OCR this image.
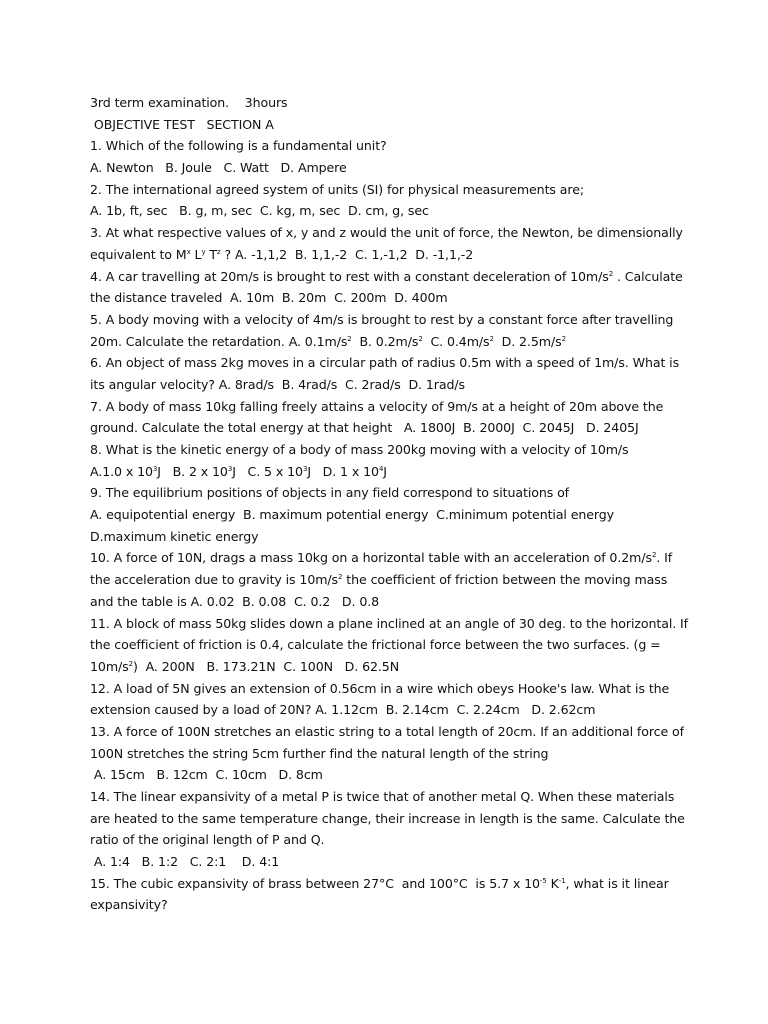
3rd term examination.    3hours
OBJECTIVE TEST   SECTION A
1. Which of the following is a fundamental unit?
A. Newton   B. Joule   C. Watt   D. Ampere
2. The international agreed system of units (SI) for physical measurements are;
A. 1b, ft, sec   B. g, m, sec  C. kg, m, sec  D. cm, g, sec
3. At what respective values of x, y and z would the unit of force, the Newton, be dimensionally
equivalent to $M^x$ $L^y$ $T^z$ ? A. -1,1,2  B. 1,1,-2  C. 1,-1,2  D. -1,1,-2
4. A car travelling at 20m/s is brought to rest with a constant deceleration of $10m/s^2$ . Calculate
the distance traveled  A. 10m  B. 20m  C. 200m  D. 400m
5. A body moving with a velocity of 4m/s is brought to rest by a constant force after travelling
20m. Calculate the retardation. A. $0.1m/s^2$  B. $0.2m/s^2$  C. $0.4m/s^2$  D. $2.5m/s^2$
6. An object of mass 2kg moves in a circular path of radius 0.5m with a speed of 1m/s. What is
its angular velocity? A. 8rad/s  B. 4rad/s  C. 2rad/s  D. 1rad/s
7. A body of mass 10kg falling freely attains a velocity of 9m/s at a height of 20m above the
ground. Calculate the total energy at that height   A. 1800J  B. 2000J  C. 2045J   D. 2405J
8. What is the kinetic energy of a body of mass 200kg moving with a velocity of 10m/s
A.1.0 x $10^3J$   B. 2 x $10^3J$   C. 5 x $10^3J$   D. 1 x $10^4J$
9. The equilibrium positions of objects in any field correspond to situations of
A. equipotential energy  B. maximum potential energy  C.minimum potential energy
D.maximum kinetic energy
10. A force of 10N, drags a mass 10kg on a horizontal table with an acceleration of $0.2m/s^2$. If
the acceleration due to gravity is $10m/s^2$ the coefficient of friction between the moving mass
and the table is A. 0.02  B. 0.08  C. 0.2   D. 0.8
11. A block of mass 50kg slides down a plane inclined at an angle of 30 deg. to the horizontal. If
the coefficient of friction is 0.4, calculate the frictional force between the two surfaces. (g =
$10m/s^2$)  A. 200N   B. 173.21N  C. 100N   D. 62.5N
12. A load of 5N gives an extension of 0.56cm in a wire which obeys Hooke's law. What is the
extension caused by a load of 20N? A. 1.12cm  B. 2.14cm  C. 2.24cm   D. 2.62cm
13. A force of 100N stretches an elastic string to a total length of 20cm. If an additional force of
100N stretches the string 5cm further find the natural length of the string
A. 15cm   B. 12cm  C. 10cm   D. 8cm
14. The linear expansivity of a metal P is twice that of another metal Q. When these materials
are heated to the same temperature change, their increase in length is the same. Calculate the
ratio of the original length of P and Q.
A. 1:4   B. 1:2   C. 2:1    D. 4:1
15. The cubic expansivity of brass between 27°C  and 100°C  is 5.7 x $10^{-5}$ $K^{-1}$, what is it linear
expansivity?
